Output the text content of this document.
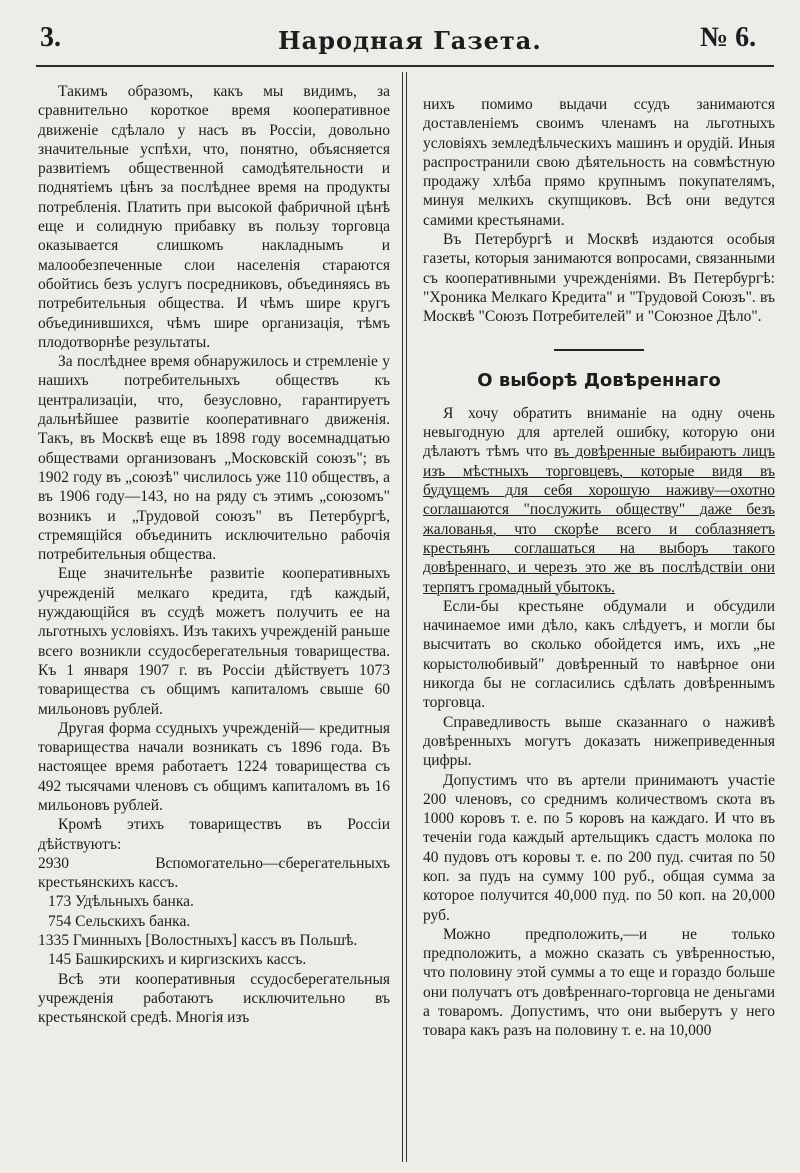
3.	Народная Газета.	№ 6.

Такимъ образомъ, какъ мы видимъ, за сравнительно короткое время кооперативное движеніе сдѣлало у насъ въ Россіи, довольно значительные успѣхи, что, понятно, объясняется развитіемъ общественной самодѣятельности и поднятіемъ цѣнъ за послѣднее время на продукты потребленія. Платить при высокой фабричной цѣнѣ еще и солидную прибавку въ пользу торговца оказывается слишкомъ накладнымъ и малообезпеченные слои населенія стараются обойтись безъ услугъ посредниковъ, объединяясь въ потребительныя общества. И чѣмъ шире кругъ объединившихся, чѣмъ шире организація, тѣмъ плодотворнѣе результаты.

За послѣднее время обнаружилось и стремленіе у нашихъ потребительныхъ обществъ къ централизаціи, что, безусловно, гарантируетъ дальнѣйшее развитіе кооперативнаго движенія. Такъ, въ Москвѣ еще въ 1898 году восемнадцатью обществами организованъ „Московскій союзъ"; въ 1902 году въ „союзѣ" числилось уже 110 обществъ, а въ 1906 году—143, но на ряду съ этимъ „союзомъ" возникъ и „Трудовой союзъ" въ Петербургѣ, стремящійся объединить исключительно рабочія потребительныя общества.

Еще значительнѣе развитіе кооперативныхъ учрежденій мелкаго кредита, гдѣ каждый, нуждающійся въ ссудѣ можетъ получить ее на льготныхъ условіяхъ. Изъ такихъ учрежденій раньше всего возникли ссудосберегательныя товарищества. Къ 1 января 1907 г. въ Россіи дѣйствуетъ 1073 товарищества съ общимъ капиталомъ свыше 60 мильоновъ рублей.

Другая форма ссудныхъ учрежденій— кредитныя товарищества начали возникать съ 1896 года. Въ настоящее время работаетъ 1224 товарищества съ 492 тысячами членовъ съ общимъ капиталомъ въ 16 мильоновъ рублей.

Кромѣ этихъ товариществъ въ Россіи дѣйствуютъ:

2930 Вспомогательно—сберегательныхъ крестьянскихъ кассъ.

173 Удѣльныхъ банка.

754 Сельскихъ банка.

1335 Гминныхъ [Волостныхъ] кассъ въ Польшѣ.

145 Башкирскихъ и киргизскихъ кассъ.

Всѣ эти кооперативныя ссудосберегательныя учрежденія работаютъ исключительно въ крестьянской средѣ. Многія изъ

нихъ помимо выдачи ссудъ занимаются доставленіемъ своимъ членамъ на льготныхъ условіяхъ земледѣльческихъ машинъ и орудій. Иныя распространили свою дѣятельность на совмѣстную продажу хлѣба прямо крупнымъ покупателямъ, минуя мелкихъ скупщиковъ. Всѣ они ведутся самими крестьянами.

Въ Петербургѣ и Москвѣ издаются особыя газеты, которыя занимаются вопросами, связанными съ кооперативными учрежденіями. Въ Петербургѣ: "Хроника Мелкаго Кредита" и "Трудовой Союзъ". въ Москвѣ "Союзъ Потребителей" и "Союзное Дѣло".

О выборѣ Довѣреннаго

Я хочу обратить вниманіе на одну очень невыгодную для артелей ошибку, которую они дѣлаютъ тѣмъ что въ довѣренные выбираютъ лицъ изъ мѣстныхъ торговцевъ, которые видя въ будущемъ для себя хорошую наживу—охотно соглашаются "послужить обществу" даже безъ жалованья, что скорѣе всего и соблазняетъ крестьянъ соглашаться на выборъ такого довѣреннаго, и черезъ это же въ послѣдствіи они терпятъ громадный убытокъ.

Если-бы крестьяне обдумали и обсудили начинаемое ими дѣло, какъ слѣдуетъ, и могли бы высчитать во сколько обойдется имъ, ихъ „не корыстолюбивый" довѣренный то навѣрное они никогда бы не согласились сдѣлать довѣреннымъ торговца.

Справедливость выше сказаннаго о наживѣ довѣренныхъ могутъ доказать нижеприведенныя цифры.

Допустимъ что въ артели принимаютъ участіе 200 членовъ, со среднимъ количествомъ скота въ 1000 коровъ т. е. по 5 коровъ на каждаго. И что въ теченіи года каждый артельщикъ сдастъ молока по 40 пудовъ отъ коровы т. е. по 200 пуд. считая по 50 коп. за пудъ на сумму 100 руб., общая сумма за которое получится 40,000 пуд. по 50 коп. на 20,000 руб.

Можно предположить,—и не только предположить, а можно сказать съ увѣренностью, что половину этой суммы а то еще и гораздо больше они получатъ отъ довѣреннаго-торговца не деньгами а товаромъ. Допустимъ, что они выберутъ у него товара какъ разъ на половину т. е. на 10,000
